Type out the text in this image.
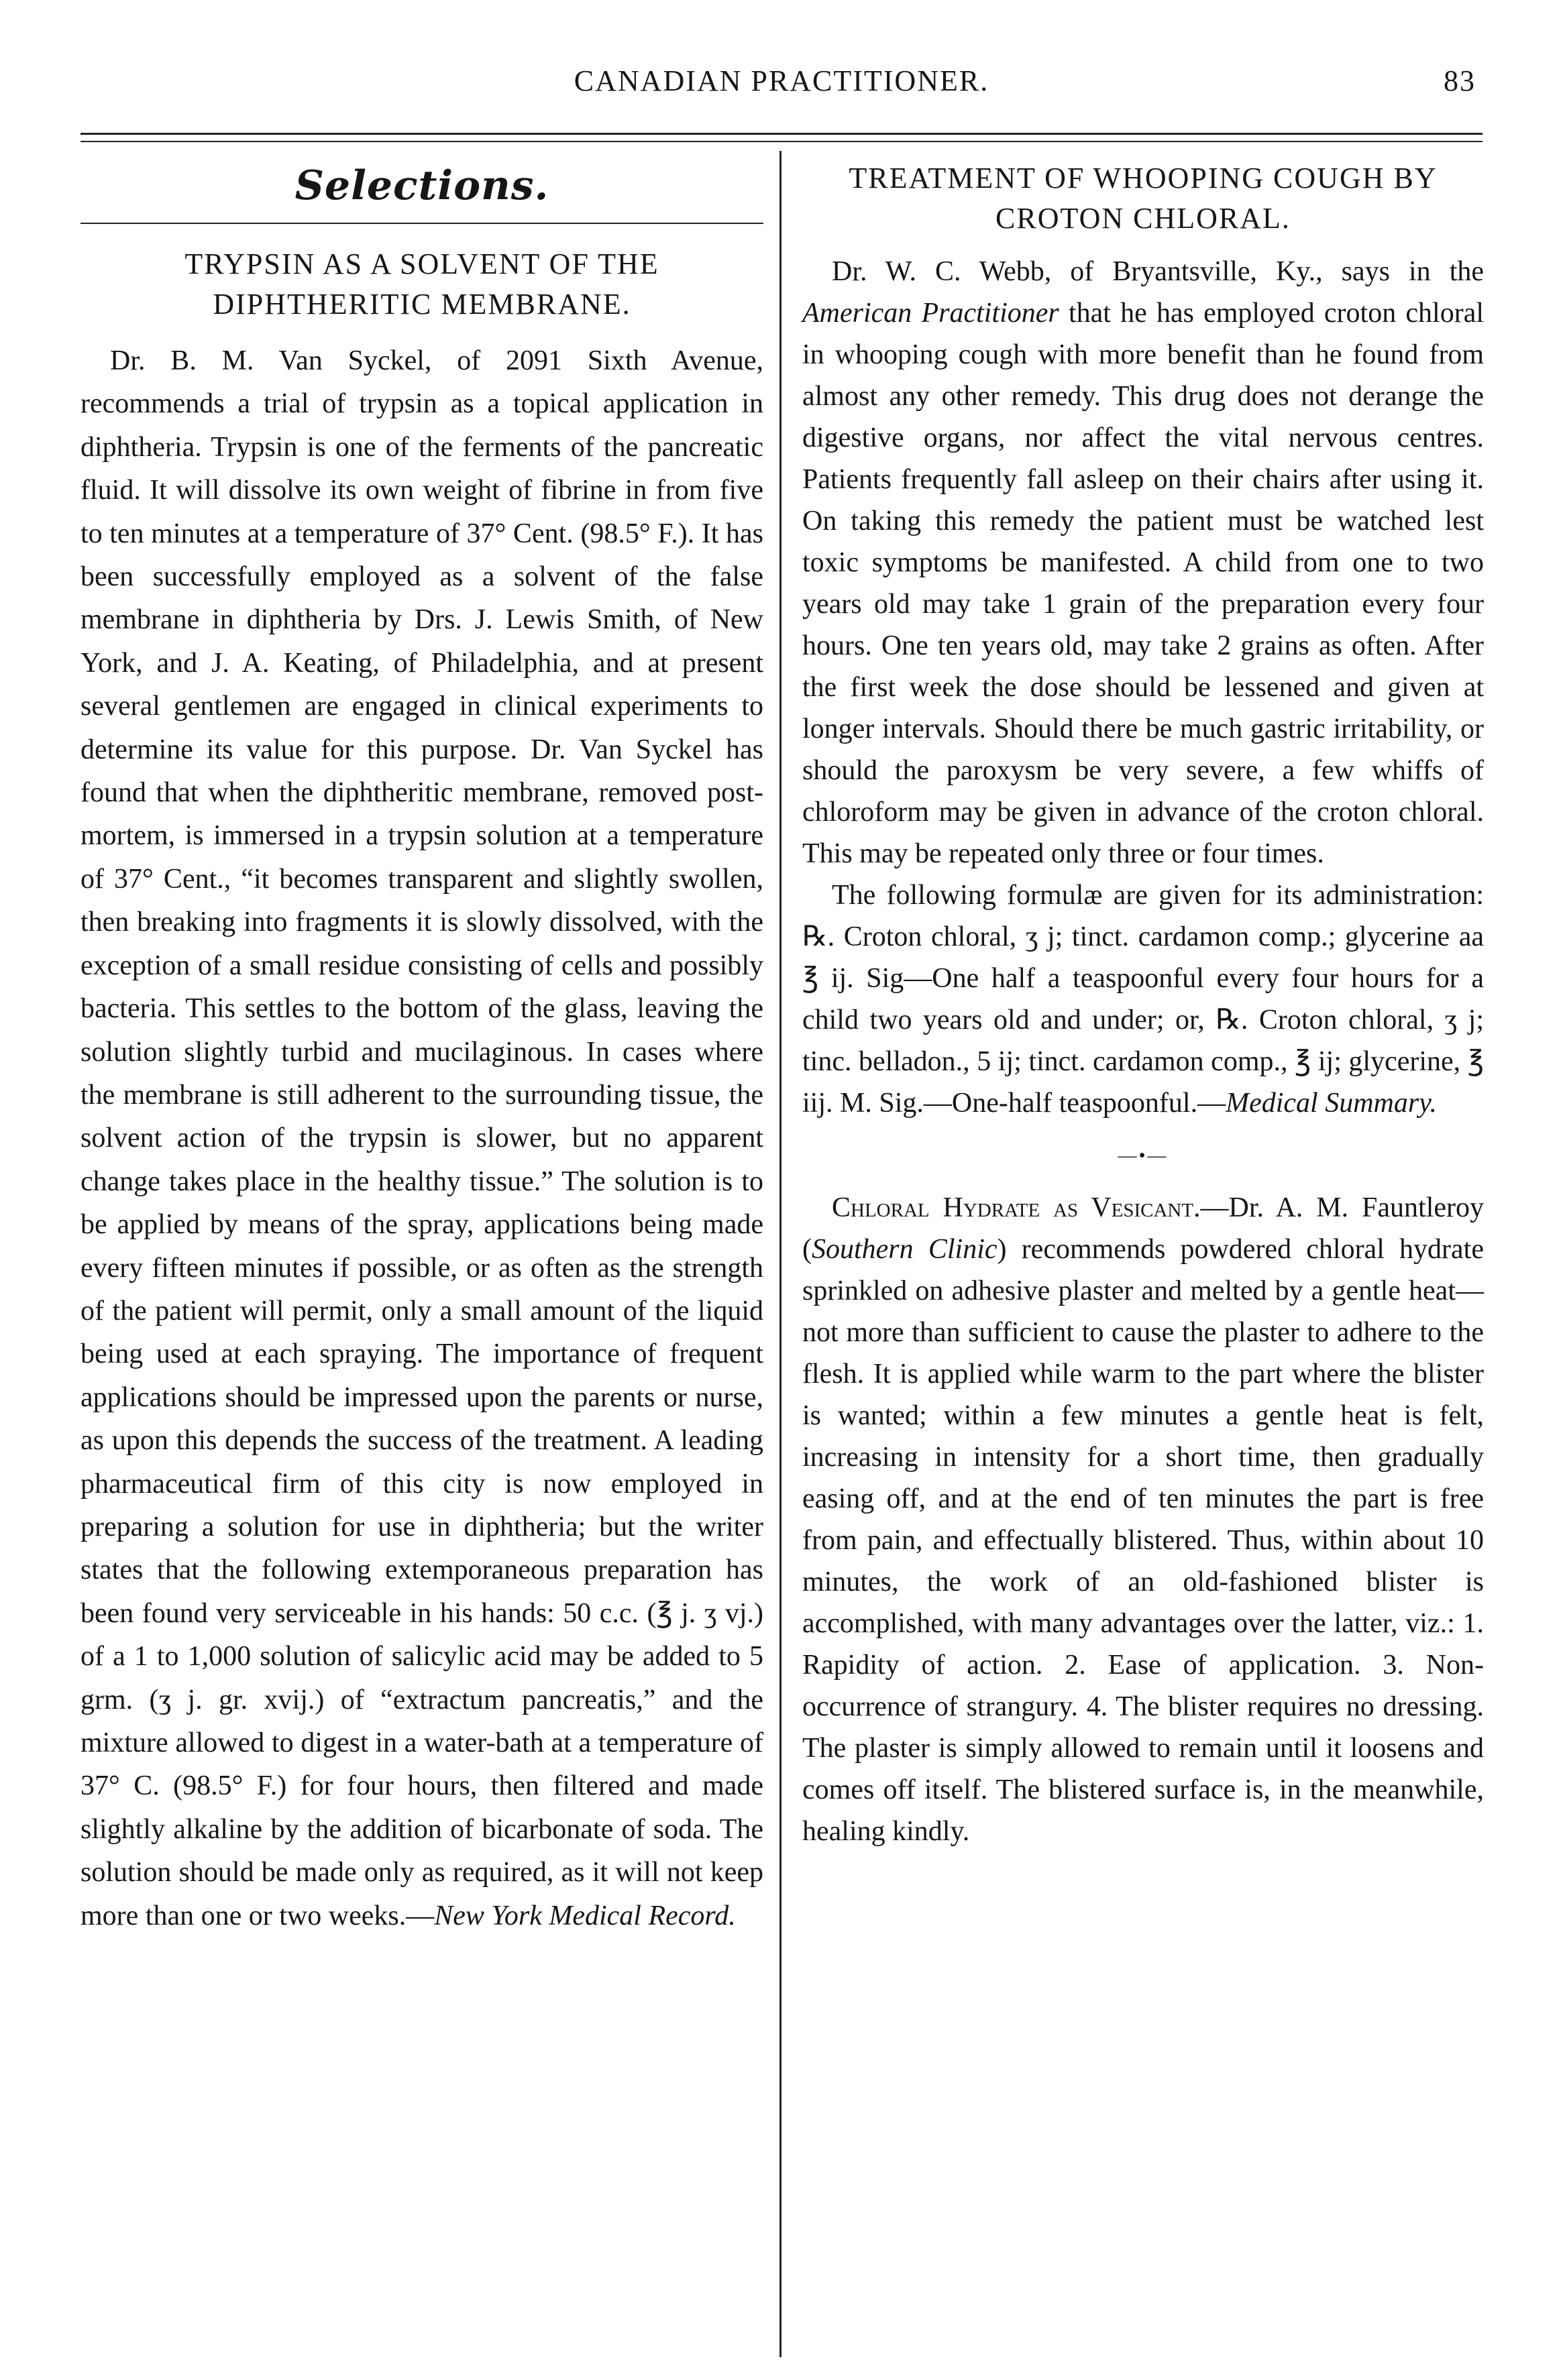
CANADIAN PRACTITIONER.	83
Selections.
TRYPSIN AS A SOLVENT OF THE DIPHTHERITIC MEMBRANE.

Dr. B. M. Van Syckel, of 2091 Sixth Avenue, recommends a trial of trypsin as a topical application in diphtheria. Trypsin is one of the ferments of the pancreatic fluid. It will dissolve its own weight of fibrine in from five to ten minutes at a temperature of 37° Cent. (98.5° F.). It has been successfully employed as a solvent of the false membrane in diphtheria by Drs. J. Lewis Smith, of New York, and J. A. Keating, of Philadelphia, and at present several gentlemen are engaged in clinical experiments to determine its value for this purpose. Dr. Van Syckel has found that when the diphtheritic membrane, removed post-mortem, is immersed in a trypsin solution at a temperature of 37° Cent., “it becomes transparent and slightly swollen, then breaking into fragments it is slowly dissolved, with the exception of a small residue consisting of cells and possibly bacteria. This settles to the bottom of the glass, leaving the solution slightly turbid and mucilaginous. In cases where the membrane is still adherent to the surrounding tissue, the solvent action of the trypsin is slower, but no apparent change takes place in the healthy tissue.” The solution is to be applied by means of the spray, applications being made every fifteen minutes if possible, or as often as the strength of the patient will permit, only a small amount of the liquid being used at each spraying. The importance of frequent applications should be impressed upon the parents or nurse, as upon this depends the success of the treatment. A leading pharmaceutical firm of this city is now employed in preparing a solution for use in diphtheria; but the writer states that the following extemporaneous preparation has been found very serviceable in his hands: 50 c.c. (℥ j. ʒ vj.) of a 1 to 1,000 solution of salicylic acid may be added to 5 grm. (ʒ j. gr. xvij.) of “extractum pancreatis,” and the mixture allowed to digest in a water-bath at a temperature of 37° C. (98.5° F.) for four hours, then filtered and made slightly alkaline by the addition of bicarbonate of soda. The solution should be made only as required, as it will not keep more than one or two weeks.—New York Medical Record.

TREATMENT OF WHOOPING COUGH BY CROTON CHLORAL.

Dr. W. C. Webb, of Bryantsville, Ky., says in the American Practitioner that he has employed croton chloral in whooping cough with more benefit than he found from almost any other remedy. This drug does not derange the digestive organs, nor affect the vital nervous centres. Patients frequently fall asleep on their chairs after using it. On taking this remedy the patient must be watched lest toxic symptoms be manifested. A child from one to two years old may take 1 grain of the preparation every four hours. One ten years old, may take 2 grains as often. After the first week the dose should be lessened and given at longer intervals. Should there be much gastric irritability, or should the paroxysm be very severe, a few whiffs of chloroform may be given in advance of the croton chloral. This may be repeated only three or four times.

The following formulæ are given for its administration: ℞. Croton chloral, ʒ j; tinct. cardamon comp.; glycerine aa ℥ ij. Sig—One half a teaspoonful every four hours for a child two years old and under; or, ℞. Croton chloral, ʒ j; tinc. belladon., 5 ij; tinct. cardamon comp., ℥ ij; glycerine, ℥ iij. M. Sig.—One-half teaspoonful.—Medical Summary.

—•—

Chloral Hydrate as Vesicant.—Dr. A. M. Fauntleroy (Southern Clinic) recommends powdered chloral hydrate sprinkled on adhesive plaster and melted by a gentle heat—not more than sufficient to cause the plaster to adhere to the flesh. It is applied while warm to the part where the blister is wanted; within a few minutes a gentle heat is felt, increasing in intensity for a short time, then gradually easing off, and at the end of ten minutes the part is free from pain, and effectually blistered. Thus, within about 10 minutes, the work of an old-fashioned blister is accomplished, with many advantages over the latter, viz.: 1. Rapidity of action. 2. Ease of application. 3. Non-occurrence of strangury. 4. The blister requires no dressing. The plaster is simply allowed to remain until it loosens and comes off itself. The blistered surface is, in the meanwhile, healing kindly.
